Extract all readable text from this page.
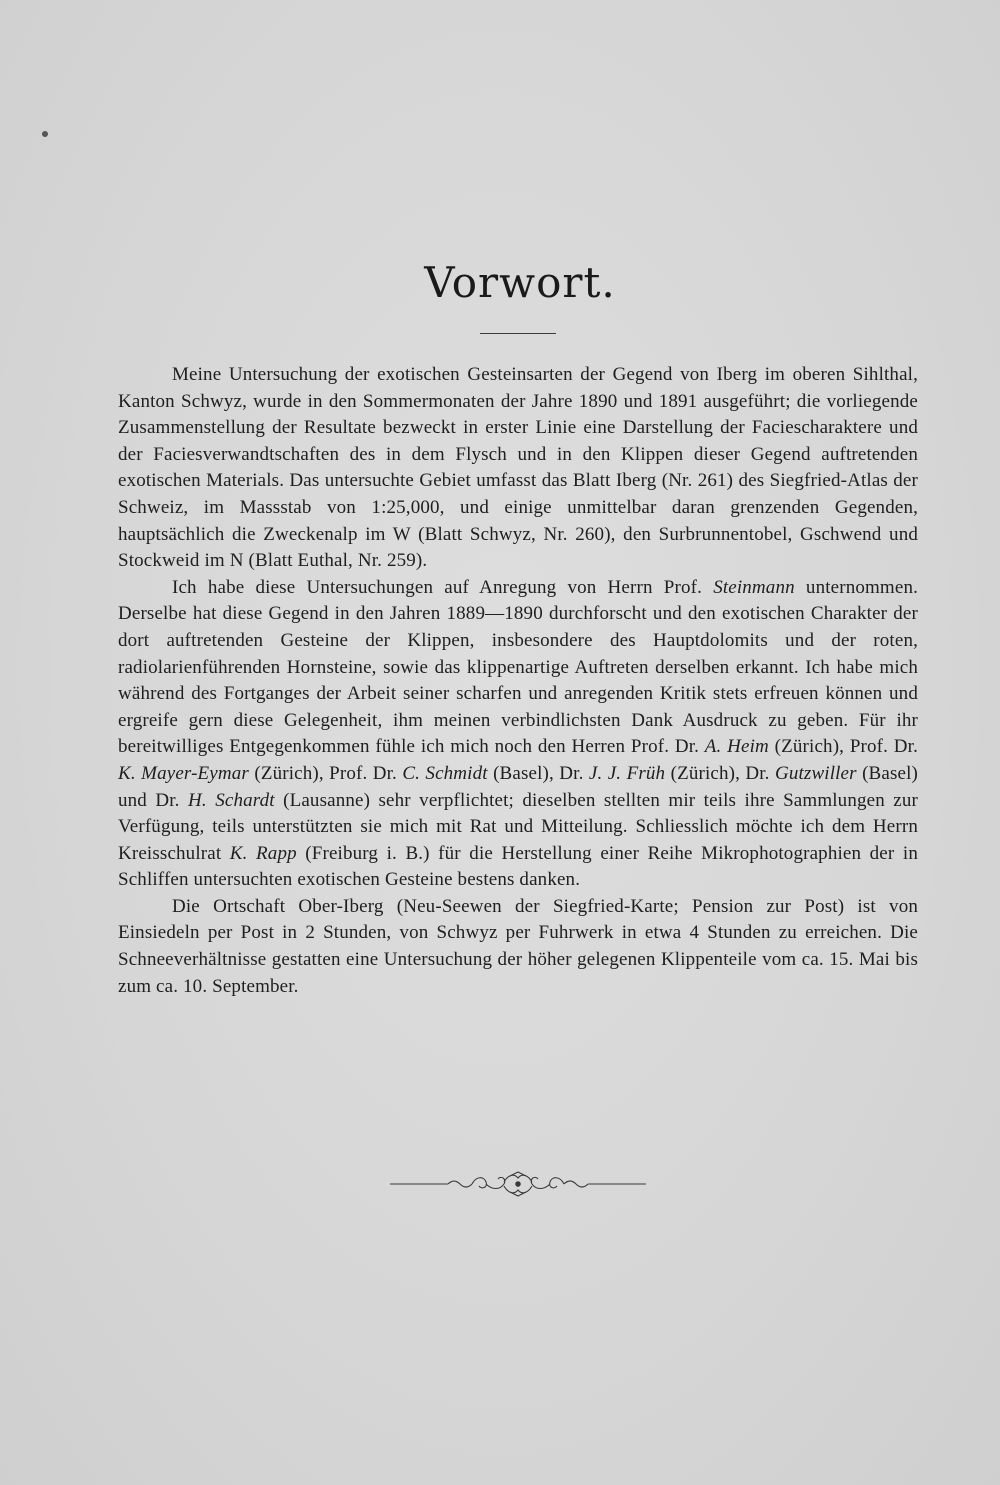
Vorwort.

Meine Untersuchung der exotischen Gesteinsarten der Gegend von Iberg im oberen Sihlthal, Kanton Schwyz, wurde in den Sommermonaten der Jahre 1890 und 1891 ausgeführt; die vorliegende Zusammenstellung der Resultate bezweckt in erster Linie eine Darstellung der Faciescharaktere und der Faciesverwandtschaften des in dem Flysch und in den Klippen dieser Gegend auftretenden exotischen Materials. Das untersuchte Gebiet umfasst das Blatt Iberg (Nr. 261) des Siegfried-Atlas der Schweiz, im Massstab von 1:25,000, und einige unmittelbar daran grenzenden Gegenden, hauptsächlich die Zweckenalp im W (Blatt Schwyz, Nr. 260), den Surbrunnentobel, Gschwend und Stockweid im N (Blatt Euthal, Nr. 259).

Ich habe diese Untersuchungen auf Anregung von Herrn Prof. Steinmann unternommen. Derselbe hat diese Gegend in den Jahren 1889—1890 durchforscht und den exotischen Charakter der dort auftretenden Gesteine der Klippen, insbesondere des Hauptdolomits und der roten, radiolarienführenden Hornsteine, sowie das klippenartige Auftreten derselben erkannt. Ich habe mich während des Fortganges der Arbeit seiner scharfen und anregenden Kritik stets erfreuen können und ergreife gern diese Gelegenheit, ihm meinen verbindlichsten Dank Ausdruck zu geben. Für ihr bereitwilliges Entgegenkommen fühle ich mich noch den Herren Prof. Dr. A. Heim (Zürich), Prof. Dr. K. Mayer-Eymar (Zürich), Prof. Dr. C. Schmidt (Basel), Dr. J. J. Früh (Zürich), Dr. Gutzwiller (Basel) und Dr. H. Schardt (Lausanne) sehr verpflichtet; dieselben stellten mir teils ihre Sammlungen zur Verfügung, teils unterstützten sie mich mit Rat und Mitteilung. Schliesslich möchte ich dem Herrn Kreisschulrat K. Rapp (Freiburg i. B.) für die Herstellung einer Reihe Mikrophotographien der in Schliffen untersuchten exotischen Gesteine bestens danken.

Die Ortschaft Ober-Iberg (Neu-Seewen der Siegfried-Karte; Pension zur Post) ist von Einsiedeln per Post in 2 Stunden, von Schwyz per Fuhrwerk in etwa 4 Stunden zu erreichen. Die Schneeverhältnisse gestatten eine Untersuchung der höher gelegenen Klippenteile vom ca. 15. Mai bis zum ca. 10. September.
